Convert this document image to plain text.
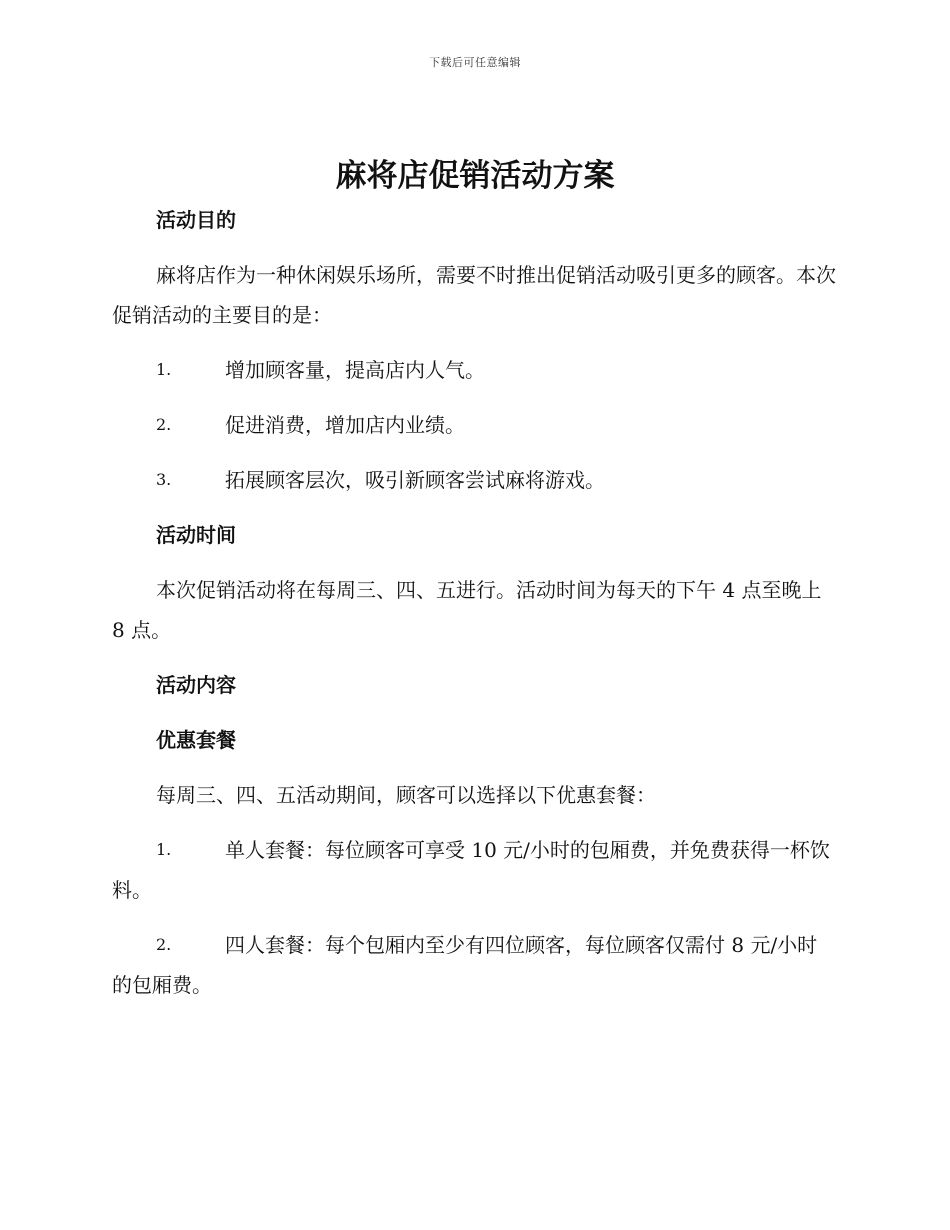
下载后可任意编辑
麻将店促销活动方案
活动目的
麻将店作为一种休闲娱乐场所，需要不时推出促销活动吸引更多的顾客。本次促销活动的主要目的是：
1.	增加顾客量，提高店内人气。
2.	促进消费，增加店内业绩。
3.	拓展顾客层次，吸引新顾客尝试麻将游戏。
活动时间
本次促销活动将在每周三、四、五进行。活动时间为每天的下午 4 点至晚上 8 点。
活动内容
优惠套餐
每周三、四、五活动期间，顾客可以选择以下优惠套餐：
1.	单人套餐：每位顾客可享受 10 元/小时的包厢费，并免费获得一杯饮料。
2.	四人套餐：每个包厢内至少有四位顾客，每位顾客仅需付 8 元/小时的包厢费。
